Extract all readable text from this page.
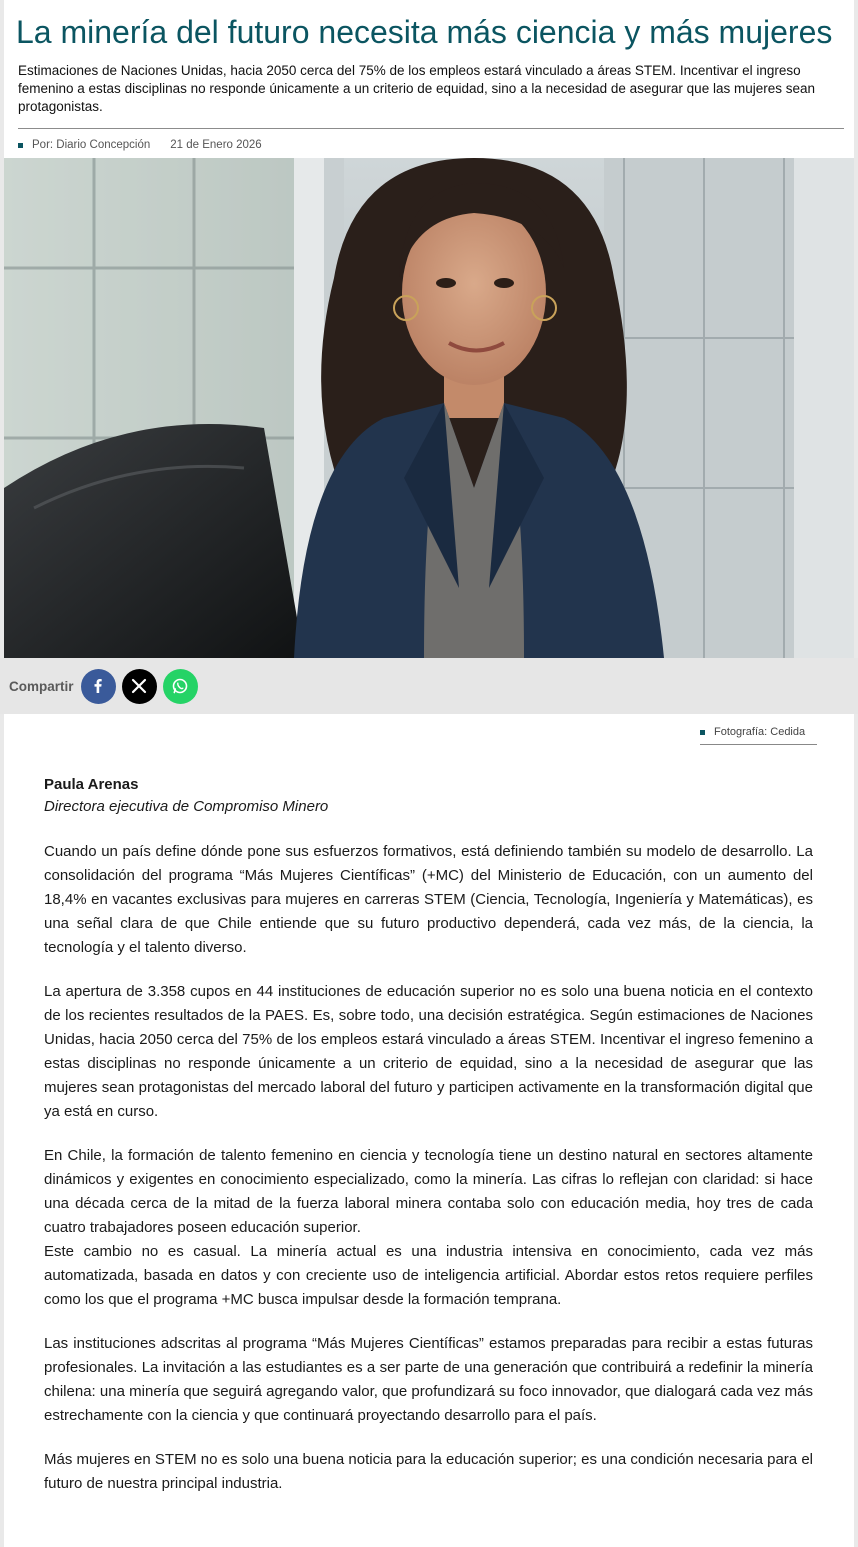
La minería del futuro necesita más ciencia y más mujeres

Estimaciones de Naciones Unidas, hacia 2050 cerca del 75% de los empleos estará vinculado a áreas STEM. Incentivar el ingreso femenino a estas disciplinas no responde únicamente a un criterio de equidad, sino a la necesidad de asegurar que las mujeres sean protagonistas.

Por: Diario Concepción 21 de Enero 2026
Compartir
Fotografía: Cedida

Paula Arenas

Directora ejecutiva de Compromiso Minero

Cuando un país define dónde pone sus esfuerzos formativos, está definiendo también su modelo de desarrollo. La consolidación del programa “Más Mujeres Científicas” (+MC) del Ministerio de Educación, con un aumento del 18,4% en vacantes exclusivas para mujeres en carreras STEM (Ciencia, Tecnología, Ingeniería y Matemáticas), es una señal clara de que Chile entiende que su futuro productivo dependerá, cada vez más, de la ciencia, la tecnología y el talento diverso.

La apertura de 3.358 cupos en 44 instituciones de educación superior no es solo una buena noticia en el contexto de los recientes resultados de la PAES. Es, sobre todo, una decisión estratégica. Según estimaciones de Naciones Unidas, hacia 2050 cerca del 75% de los empleos estará vinculado a áreas STEM. Incentivar el ingreso femenino a estas disciplinas no responde únicamente a un criterio de equidad, sino a la necesidad de asegurar que las mujeres sean protagonistas del mercado laboral del futuro y participen activamente en la transformación digital que ya está en curso.

En Chile, la formación de talento femenino en ciencia y tecnología tiene un destino natural en sectores altamente dinámicos y exigentes en conocimiento especializado, como la minería. Las cifras lo reflejan con claridad: si hace una década cerca de la mitad de la fuerza laboral minera contaba solo con educación media, hoy tres de cada cuatro trabajadores poseen educación superior.

Este cambio no es casual. La minería actual es una industria intensiva en conocimiento, cada vez más automatizada, basada en datos y con creciente uso de inteligencia artificial. Abordar estos retos requiere perfiles como los que el programa +MC busca impulsar desde la formación temprana.

Las instituciones adscritas al programa “Más Mujeres Científicas” estamos preparadas para recibir a estas futuras profesionales. La invitación a las estudiantes es a ser parte de una generación que contribuirá a redefinir la minería chilena: una minería que seguirá agregando valor, que profundizará su foco innovador, que dialogará cada vez más estrechamente con la ciencia y que continuará proyectando desarrollo para el país.

Más mujeres en STEM no es solo una buena noticia para la educación superior; es una condición necesaria para el futuro de nuestra principal industria.
